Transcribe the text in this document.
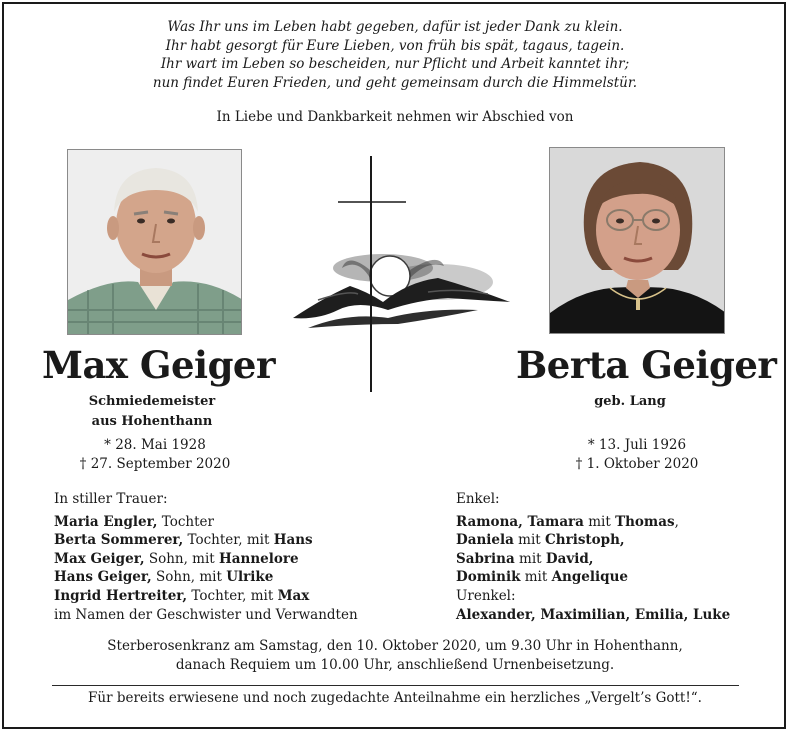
Was Ihr uns im Leben habt gegeben, dafür ist jeder Dank zu klein.
Ihr habt gesorgt für Eure Lieben, von früh bis spät, tagaus, tagein.
Ihr wart im Leben so bescheiden, nur Pflicht und Arbeit kanntet ihr;
nun findet Euren Frieden, und geht gemeinsam durch die Himmelstür.
In Liebe und Dankbarkeit nehmen wir Abschied von
Max Geiger	Berta Geiger
Schmiedemeister
aus Hohenthann
geb. Lang
* 28. Mai 1928
† 27. September 2020
* 13. Juli 1926
† 1. Oktober 2020
In stiller Trauer:
Maria Engler, Tochter
Berta Sommerer, Tochter, mit Hans
Max Geiger, Sohn, mit Hannelore
Hans Geiger, Sohn, mit Ulrike
Ingrid Hertreiter, Tochter, mit Max
im Namen der Geschwister und Verwandten
Enkel:
Ramona, Tamara mit Thomas,
Daniela mit Christoph,
Sabrina mit David,
Dominik mit Angelique
Urenkel:
Alexander, Maximilian, Emilia, Luke
Sterberosenkranz am Samstag, den 10. Oktober 2020, um 9.30 Uhr in Hohenthann,
danach Requiem um 10.00 Uhr, anschließend Urnenbeisetzung.
Für bereits erwiesene und noch zugedachte Anteilnahme ein herzliches „Vergelt’s Gott!“.
